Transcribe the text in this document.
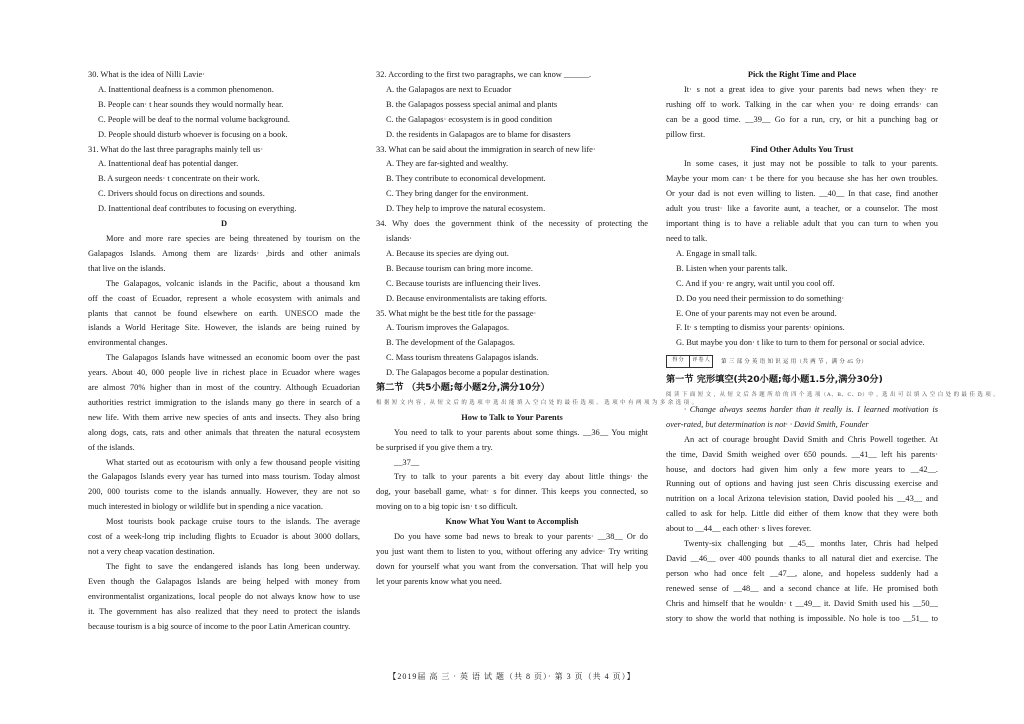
30. What is the idea of Nilli Lavie·
A. Inattentional deafness is a common phenomenon.
B. People can· t hear sounds they would normally hear.
C. People will be deaf to the normal volume background.
D. People should disturb whoever is focusing on a book.
31. What do the last three paragraphs mainly tell us·
A. Inattentional deaf has potential danger.
B. A surgeon needs· t concentrate on their work.
C. Drivers should focus on directions and sounds.
D. Inattentional deaf contributes to focusing on everything.
D
More and more rare species are being threatened by tourism on the
Galapagos Islands. Among them are lizards· ,birds and other animals
that live on the islands.
The Galapagos, volcanic islands in the Pacific, about a thousand km
off the coast of Ecuador, represent a whole ecosystem with animals and
plants that cannot be found elsewhere on earth. UNESCO made the
islands a World Heritage Site. However, the islands are being ruined by
environmental changes.
The Galapagos Islands have witnessed an economic boom over the past
years. About 40, 000 people live in richest place in Ecuador where wages
are almost 70% higher than in most of the country. Although Ecuadorian
authorities restrict immigration to the islands many go there in search of a
new life. With them arrive new species of ants and insects. They also bring
along dogs, cats, rats and other animals that threaten the natural ecosystem
of the islands.
What started out as ecotourism with only a few thousand people visiting
the Galapagos Islands every year has turned into mass tourism. Today almost
200, 000 tourists come to the islands annually. However, they are not so
much interested in biology or wildlife but in spending a nice vacation.
Most tourists book package cruise tours to the islands. The average
cost of a week-long trip including flights to Ecuador is about 3000 dollars,
not a very cheap vacation destination.
The fight to save the endangered islands has long been underway.
Even though the Galapagos Islands are being helped with money from
environmentalist organizations, local people do not always know how to use
it. The government has also realized that they need to protect the islands
because tourism is a big source of income to the poor Latin American country.
32. According to the first two paragraphs, we can know ______.
A. the Galapagos are next to Ecuador
B. the Galapagos possess special animal and plants
C. the Galapagos· ecosystem is in good condition
D. the residents in Galapagos are to blame for disasters
33. What can be said about the immigration in search of new life·
A. They are far-sighted and wealthy.
B. They contribute to economical development.
C. They bring danger for the environment.
D. They help to improve the natural ecosystem.
34. Why does the government think of the necessity of protecting the
islands·
A. Because its species are dying out.
B. Because tourism can bring more income.
C. Because tourists are influencing their lives.
D. Because environmentalists are taking efforts.
35. What might be the best title for the passage·
A. Tourism improves the Galapagos.
B. The development of the Galapagos.
C. Mass tourism threatens Galapagos islands.
D. The Galapagos become a popular destination.
第二节 （共5小题;每小题2分,满分10分）
根 据 短 文 内 容 ，从 短 文 后 的 选 项 中 选 出 能 填 入 空 白 处 的 最 佳 选 项 。 选 项 中 有 两 项 为 多 余 选 项 。
How to Talk to Your Parents
You need to talk to your parents about some things. __36__ You might
be surprised if you give them a try.
__37__
Try to talk to your parents a bit every day about little things· the
dog, your baseball game, what· s for dinner. This keeps you connected, so
moving on to a big topic isn· t so difficult.
Know What You Want to Accomplish
Do you have some bad news to break to your parents· __38__ Or do
you just want them to listen to you, without offering any advice· Try writing
down for yourself what you want from the conversation. That will help you
let your parents know what you need.
Pick the Right Time and Place
It· s not a great idea to give your parents bad news when they· re
rushing off to work. Talking in the car when you· re doing errands· can
can be a good time. __39__ Go for a run, cry, or hit a punching bag or
pillow first.
Find Other Adults You Trust
In some cases, it just may not be possible to talk to your parents.
Maybe your mom can· t be there for you because she has her own troubles.
Or your dad is not even willing to listen. __40__ In that case, find another
adult you trust· like a favorite aunt, a teacher, or a counselor. The most
important thing is to have a reliable adult that you can turn to when you
need to talk.
A. Engage in small talk.
B. Listen when your parents talk.
C. And if you· re angry, wait until you cool off.
D. Do you need their permission to do something·
E. One of your parents may not even be around.
F. It· s tempting to dismiss your parents· opinions.
G. But maybe you don· t like to turn to them for personal or social advice.
得 分	评 卷 人	第 三 部 分 英 语 知 识 运 用（共 两 节 ，满 分 45 分）
第一节 完形填空(共20小题;每小题1.5分,满分30分)
阅 读 下 面 短 文 ，从 短 文 后 各 题 所 给 的 四 个 选 项（A、B、C、D）中 ，选 出 可 以 填 入 空 白 处 的 最 佳 选 项 。
· Change always seems harder than it really is. I learned motivation is
over-rated, but determination is not· · David Smith, Founder
An act of courage brought David Smith and Chris Powell together. At
the time, David Smith weighed over 650 pounds. __41__ left his parents·
house, and doctors had given him only a few more years to __42__.
Running out of options and having just seen Chris discussing exercise and
nutrition on a local Arizona television station, David pooled his __43__ and
called to ask for help. Little did either of them know that they were both
about to __44__ each other· s lives forever.
Twenty-six challenging but __45__ months later, Chris had helped
David __46__ over 400 pounds thanks to all natural diet and exercise. The
person who had once felt __47__, alone, and hopeless suddenly had a
renewed sense of __48__ and a second chance at life. He promised both
Chris and himself that he wouldn· t __49__ it. David Smith used his __50__
story to show the world that nothing is impossible. No hole is too __51__ to
【2019届 高 三 · 英 语 试 题（共 8 页）· 第 3 页（共 4 页）】
